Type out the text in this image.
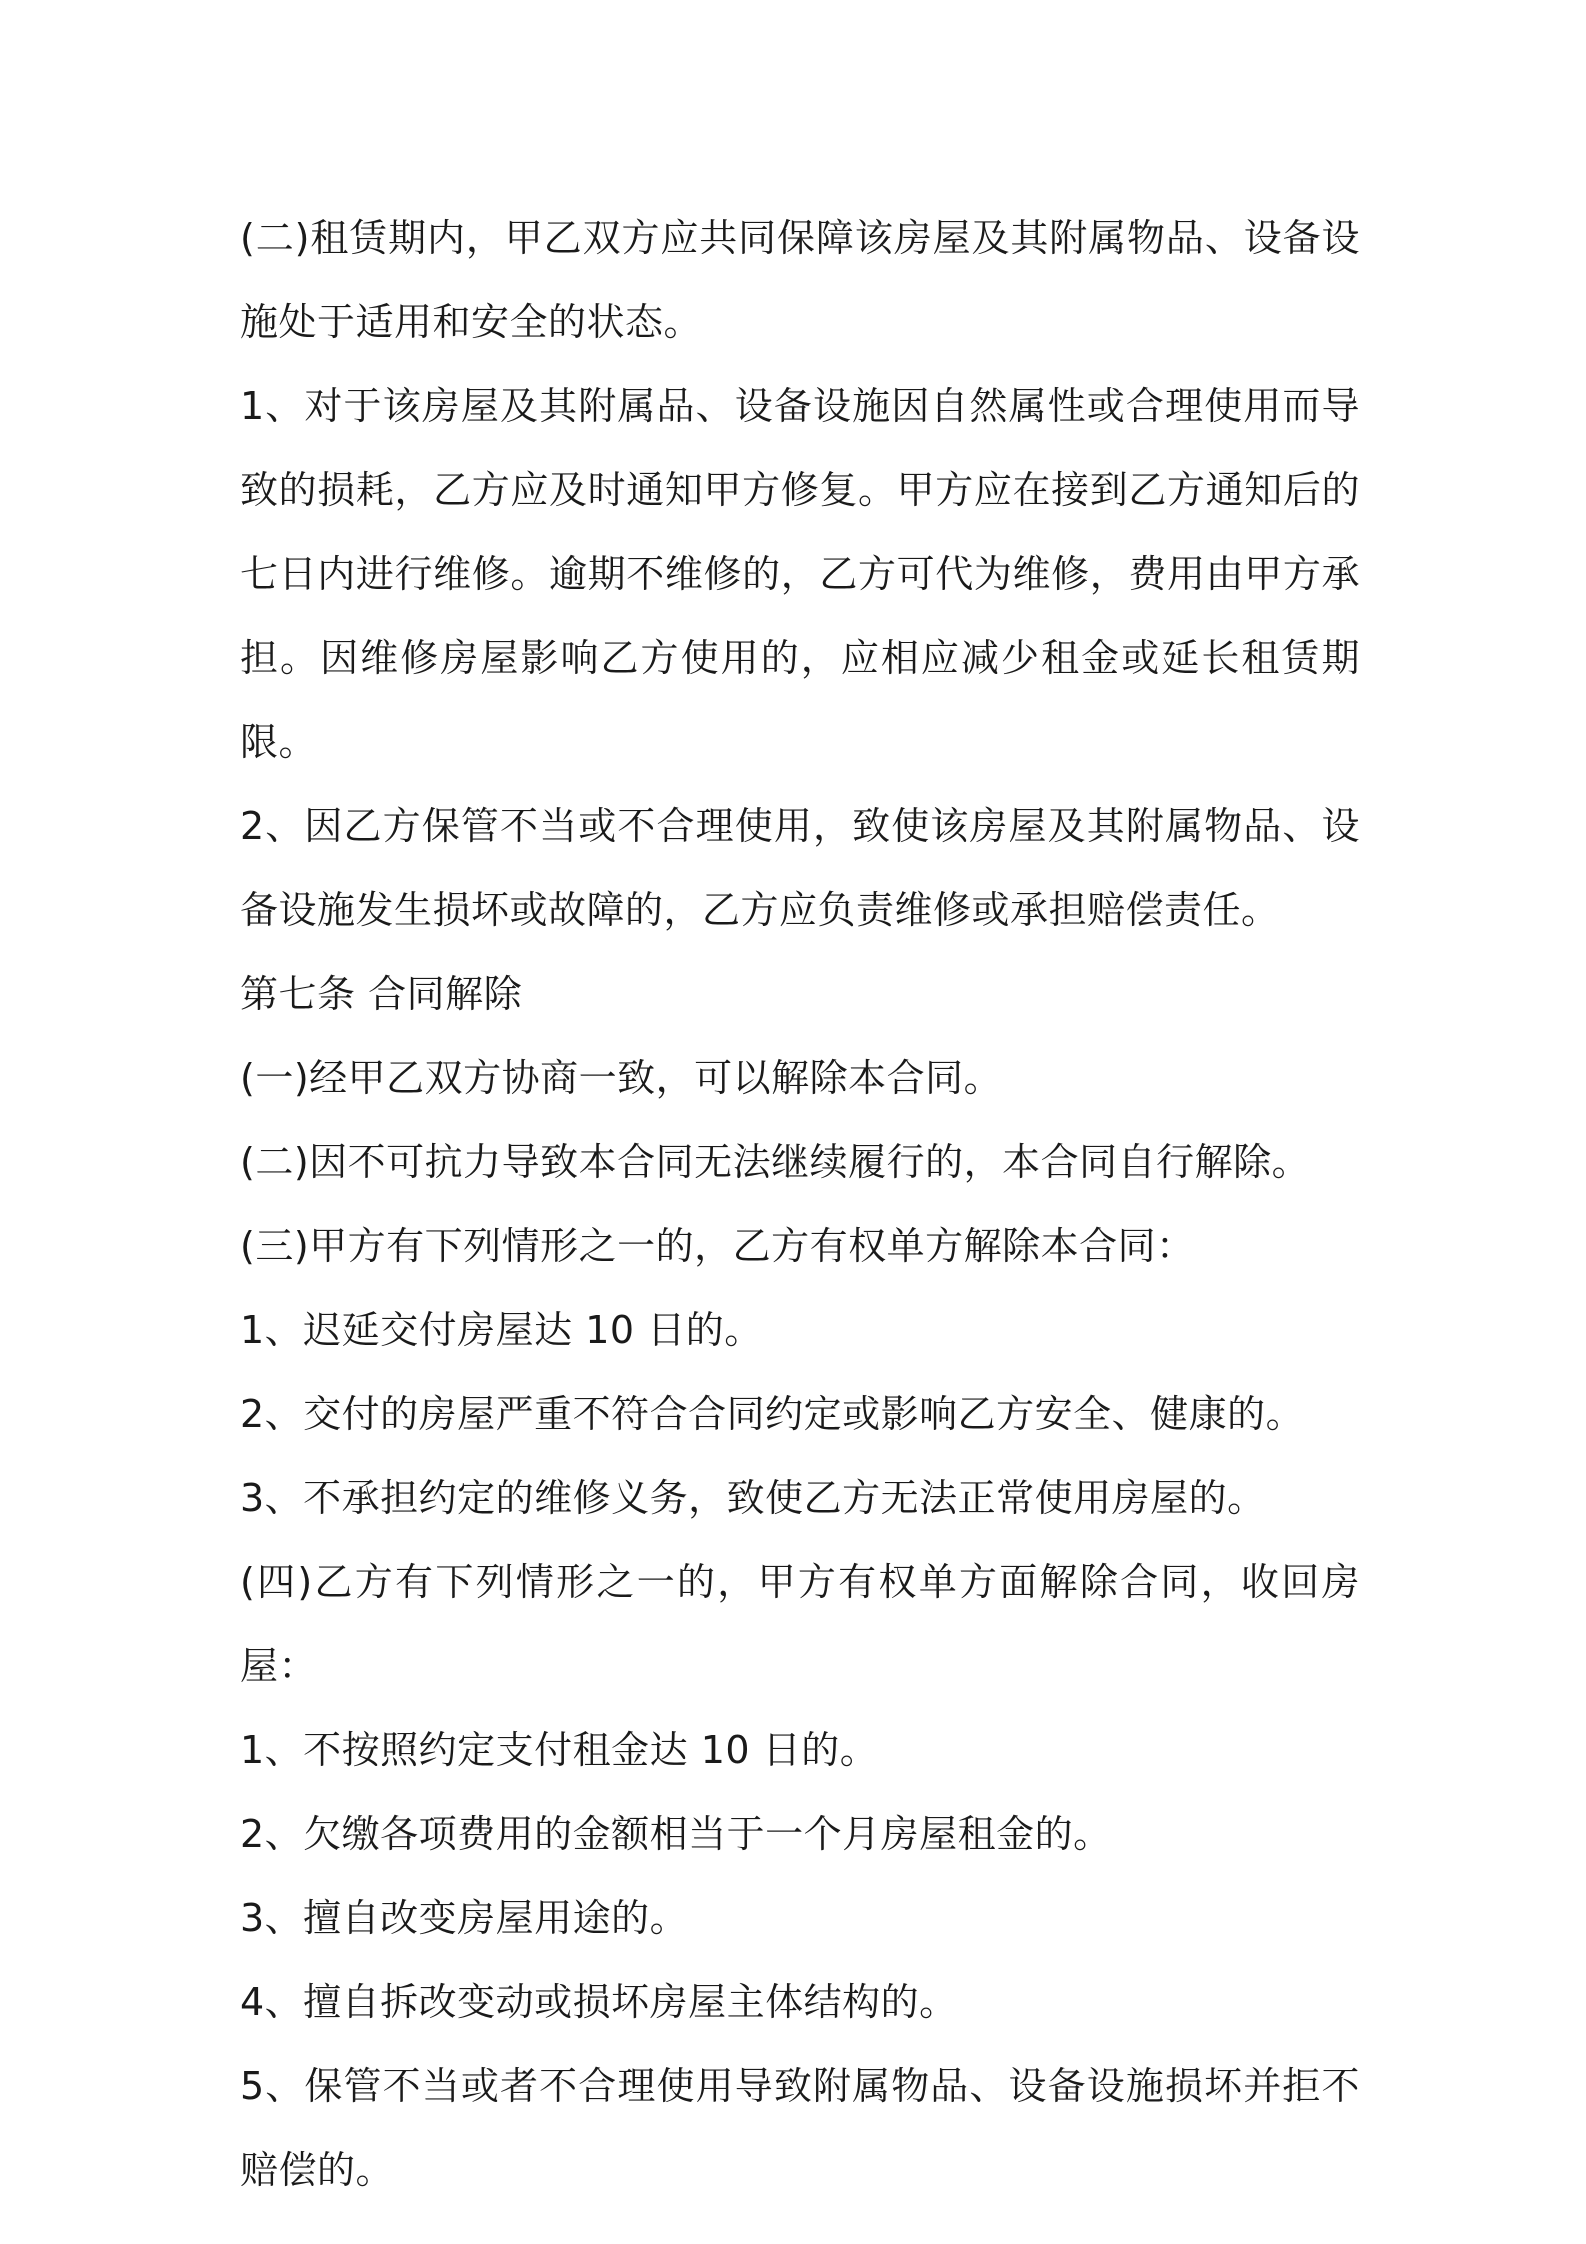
(二)租赁期内，甲乙双方应共同保障该房屋及其附属物品、设备设施处于适用和安全的状态。

1、对于该房屋及其附属品、设备设施因自然属性或合理使用而导致的损耗，乙方应及时通知甲方修复。甲方应在接到乙方通知后的七日内进行维修。逾期不维修的，乙方可代为维修，费用由甲方承担。因维修房屋影响乙方使用的，应相应减少租金或延长租赁期限。

2、因乙方保管不当或不合理使用，致使该房屋及其附属物品、设备设施发生损坏或故障的，乙方应负责维修或承担赔偿责任。

第七条 合同解除

(一)经甲乙双方协商一致，可以解除本合同。

(二)因不可抗力导致本合同无法继续履行的，本合同自行解除。

(三)甲方有下列情形之一的，乙方有权单方解除本合同：

1、迟延交付房屋达 10 日的。

2、交付的房屋严重不符合合同约定或影响乙方安全、健康的。

3、不承担约定的维修义务，致使乙方无法正常使用房屋的。

(四)乙方有下列情形之一的，甲方有权单方面解除合同，收回房屋：

1、不按照约定支付租金达 10 日的。

2、欠缴各项费用的金额相当于一个月房屋租金的。

3、擅自改变房屋用途的。

4、擅自拆改变动或损坏房屋主体结构的。

5、保管不当或者不合理使用导致附属物品、设备设施损坏并拒不赔偿的。
